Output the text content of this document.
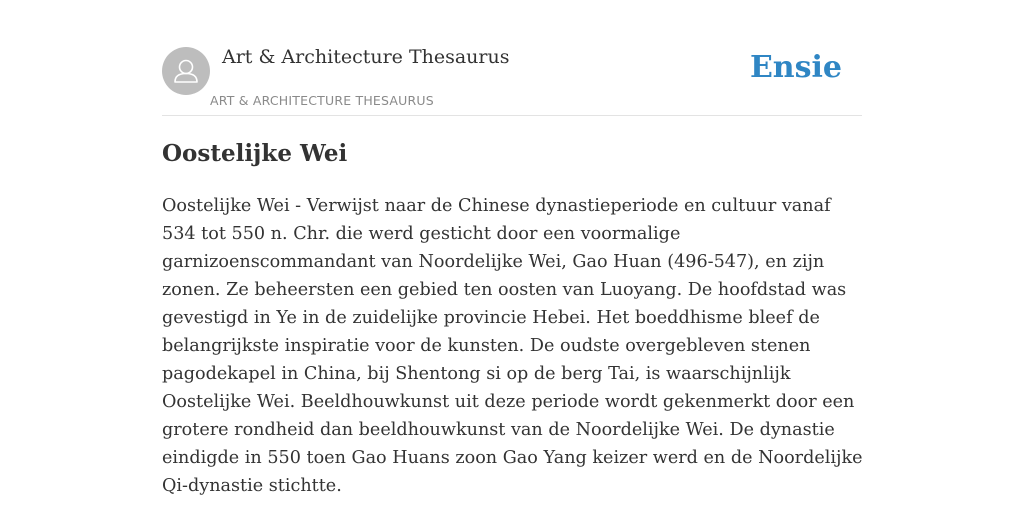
Art & Architecture Thesaurus
ART & ARCHITECTURE THESAURUS
Ensie
Oostelijke Wei

Oostelijke Wei - Verwijst naar de Chinese dynastieperiode en cultuur vanaf 534 tot 550 n. Chr. die werd gesticht door een voormalige garnizoenscommandant van Noordelijke Wei, Gao Huan (496-547), en zijn zonen. Ze beheersten een gebied ten oosten van Luoyang. De hoofdstad was gevestigd in Ye in de zuidelijke provincie Hebei. Het boeddhisme bleef de belangrijkste inspiratie voor de kunsten. De oudste overgebleven stenen pagodekapel in China, bij Shentong si op de berg Tai, is waarschijnlijk Oostelijke Wei. Beeldhouwkunst uit deze periode wordt gekenmerkt door een grotere rondheid dan beeldhouwkunst van de Noordelijke Wei. De dynastie eindigde in 550 toen Gao Huans zoon Gao Yang keizer werd en de Noordelijke Qi-dynastie stichtte.
